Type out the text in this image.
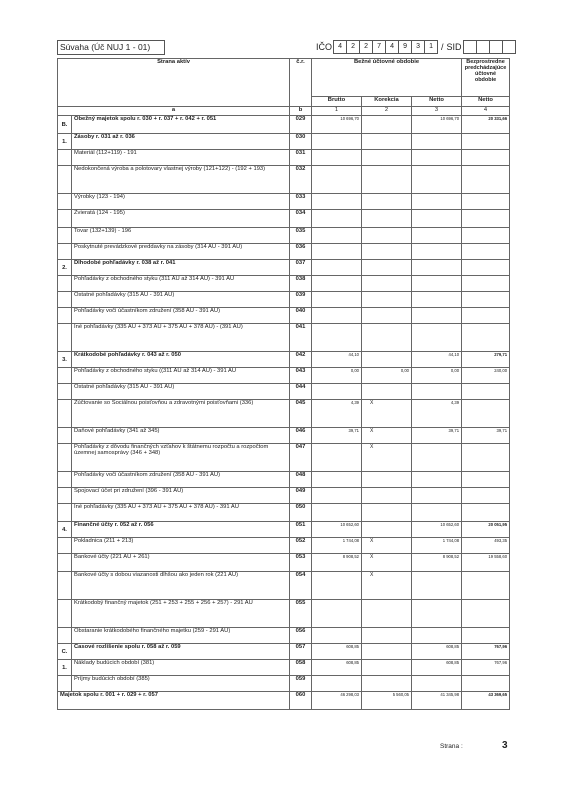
Súvaha (Úč NUJ 1 - 01)	IČO 4	2	2	7	4	9	3	1 / SID
Strana aktív		č.r.	Bežné účtovné obdobie			Bezprostredne predchádzajúce účtovné obdobie
			Brutto	Korekcia	Netto	Netto
a		b	1	2	3	4
B.	Obežný majetok spolu r. 030 + r. 037 + r. 042 + r. 051	029	10 696,70		10 696,70	20 331,66
1.	Zásoby r. 031 až r. 036	030				
	Materiál (112+119) - 191	031				
	Nedokončená výroba a polotovary vlastnej výroby (121+122) - (192 + 193)	032				
	Výrobky (123 - 194)	033				
	Zvieratá (124 - 195)	034				
	Tovar (132+139) - 196	035				
	Poskytnuté prevádzkové preddavky na zásoby (314 AÚ - 391 AÚ)	036				
2.	Dlhodobé pohľadávky r. 038 až r. 041	037				
	Pohľadávky z obchodného styku (311 AÚ až 314 AÚ) - 391 AÚ	038				
	Ostatné pohľadávky (315 AÚ - 391 AÚ)	039				
	Pohľadávky voči účastníkom združení (358 AÚ - 391 AÚ)	040				
	Iné pohľadávky (335 AÚ + 373 AÚ + 375 AÚ + 378 AÚ) - (391 AÚ)	041				
3.	Krátkodobé pohľadávky r. 043 až r. 050	042	44,10		44,10	279,71
	Pohľadávky z obchodného styku ((311 AÚ až 314 AÚ) - 391 AÚ	043	0,00	0,00	0,00	240,00
	Ostatné pohľadávky (315 AÚ - 391 AÚ)	044				
	Zúčtovanie so Sociálnou poisťovňou a zdravotnými poisťovňami (336)	045	4,39	X	4,39	
	Daňové pohľadávky (341 až 345)	046	39,71	X	39,71	39,71
	Pohľadávky z dôvodu finančných vzťahov k štátnemu rozpočtu a rozpočtom územnej samosprávy (346 + 348)	047		X		
	Pohľadávky voči účastníkom združení (358 AÚ - 391 AÚ)	048				
	Spojovací účet pri združení (396 - 391 AÚ)	049				
	Iné pohľadávky (335 AÚ + 373 AÚ + 375 AÚ + 378 AÚ) - 391 AÚ	050				
4.	Finančné účty r. 052 až r. 056	051	10 652,60		10 652,60	20 051,95
	Pokladnica (211 + 213)	052	1 744,08	X	1 744,08	493,35
	Bankové účty (221 AÚ + 261)	053	8 908,52	X	8 908,52	19 558,60
	Bankové účty s dobou viazanosti dlhšou ako jeden rok (221 AÚ)	054		X		
	Krátkodobý finančný majetok (251 + 253 + 255 + 256 + 257) - 291 AÚ	055				
	Obstaranie krátkodobého finančného majetku (259 - 291 AÚ)	056				
C.	Časové rozlíšenie spolu r. 058 až r. 059	057	608,85		608,85	767,96
1.	Náklady budúcich období (381)	058	608,85		608,85	767,96
	Príjmy budúcich období (385)	059				
Majetok spolu r. 001 + r. 029 + r. 057		060	46 298,03	5 560,05	41 345,98	43 369,65
Strana :	3
